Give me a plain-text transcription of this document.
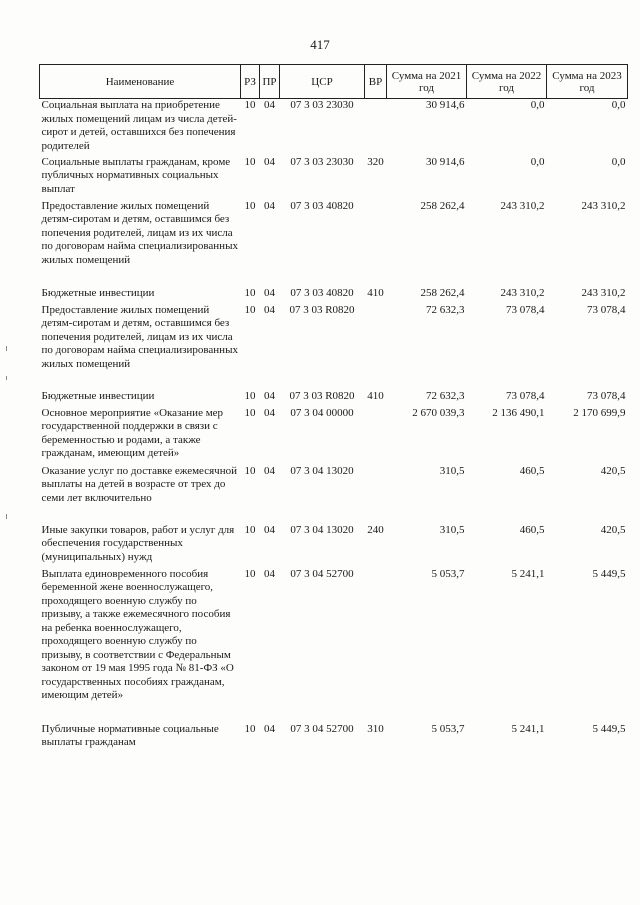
417
Наименование	РЗ	ПР	ЦСР	ВР	Сумма на 2021 год	Сумма на 2022 год	Сумма на 2023 год
Социальная выплата на приобретение жилых помещений лицам из числа детей-сирот и детей, оставшихся без попечения родителей	10	04	07 3 03 23030		30 914,6	0,0	0,0
Социальные выплаты гражданам, кроме публичных нормативных социальных выплат	10	04	07 3 03 23030	320	30 914,6	0,0	0,0
Предоставление жилых помещений детям-сиротам и детям, оставшимся без попечения родителей, лицам из их числа по договорам найма специализированных жилых помещений	10	04	07 3 03 40820		258 262,4	243 310,2	243 310,2
Бюджетные инвестиции	10	04	07 3 03 40820	410	258 262,4	243 310,2	243 310,2
Предоставление жилых помещений детям-сиротам и детям, оставшимся без попечения родителей, лицам из их числа по договорам найма специализированных жилых помещений	10	04	07 3 03 R0820		72 632,3	73 078,4	73 078,4
Бюджетные инвестиции	10	04	07 3 03 R0820	410	72 632,3	73 078,4	73 078,4
Основное мероприятие «Оказание мер государственной поддержки в связи с беременностью и родами, а также гражданам, имеющим детей»	10	04	07 3 04 00000		2 670 039,3	2 136 490,1	2 170 699,9
Оказание услуг по доставке ежемесячной выплаты на детей в возрасте от трех до семи лет включительно	10	04	07 3 04 13020		310,5	460,5	420,5
Иные закупки товаров, работ и услуг для обеспечения государственных (муниципальных) нужд	10	04	07 3 04 13020	240	310,5	460,5	420,5
Выплата единовременного пособия беременной жене военнослужащего, проходящего военную службу по призыву, а также ежемесячного пособия на ребенка военнослужащего, проходящего военную службу по призыву, в соответствии с Федеральным законом от 19 мая 1995 года № 81-ФЗ «О государственных пособиях гражданам, имеющим детей»	10	04	07 3 04 52700		5 053,7	5 241,1	5 449,5
Публичные нормативные социальные выплаты гражданам	10	04	07 3 04 52700	310	5 053,7	5 241,1	5 449,5
